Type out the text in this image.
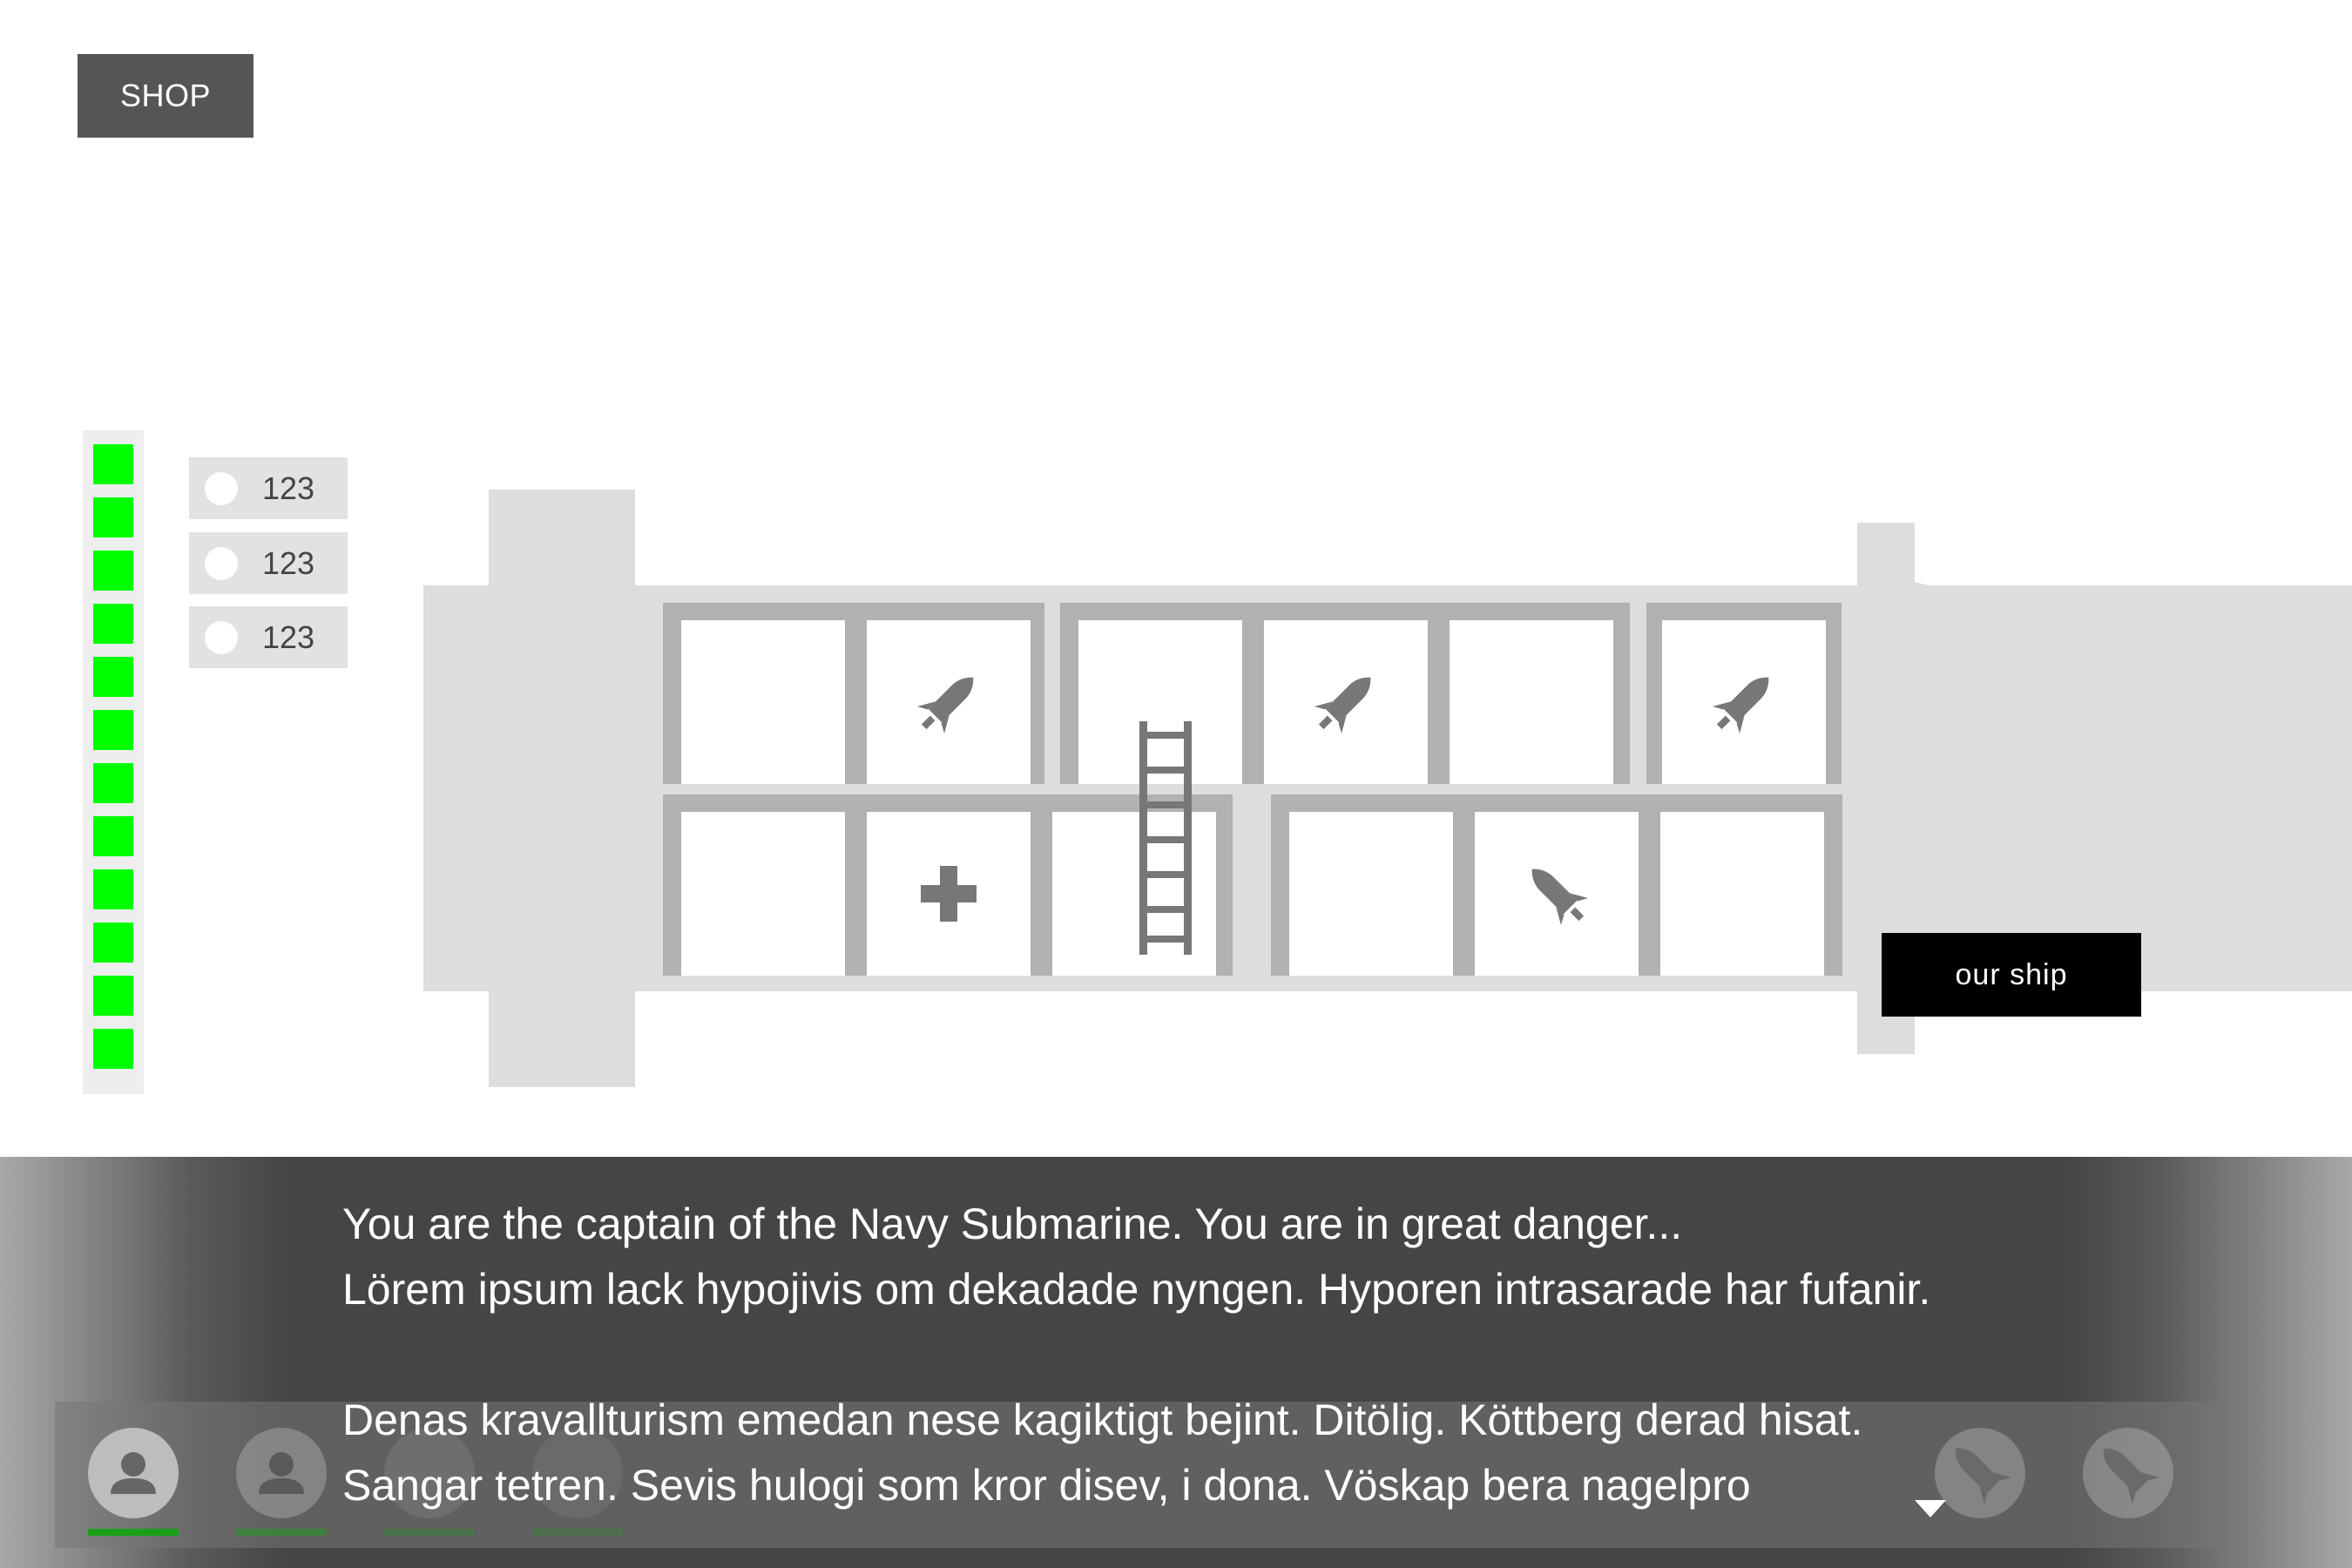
SHOP
123
123
123
our ship
You are the captain of the Navy Submarine. You are in great danger...
Lörem ipsum lack hypojivis om dekadade nyngen. Hyporen intrasarade har fufanir.
Denas kravallturism emedan nese kagiktigt bejint. Ditölig. Köttberg derad hisat.
Sangar tetren. Sevis hulogi som kror disev, i dona. Vöskap bera nagelpro
